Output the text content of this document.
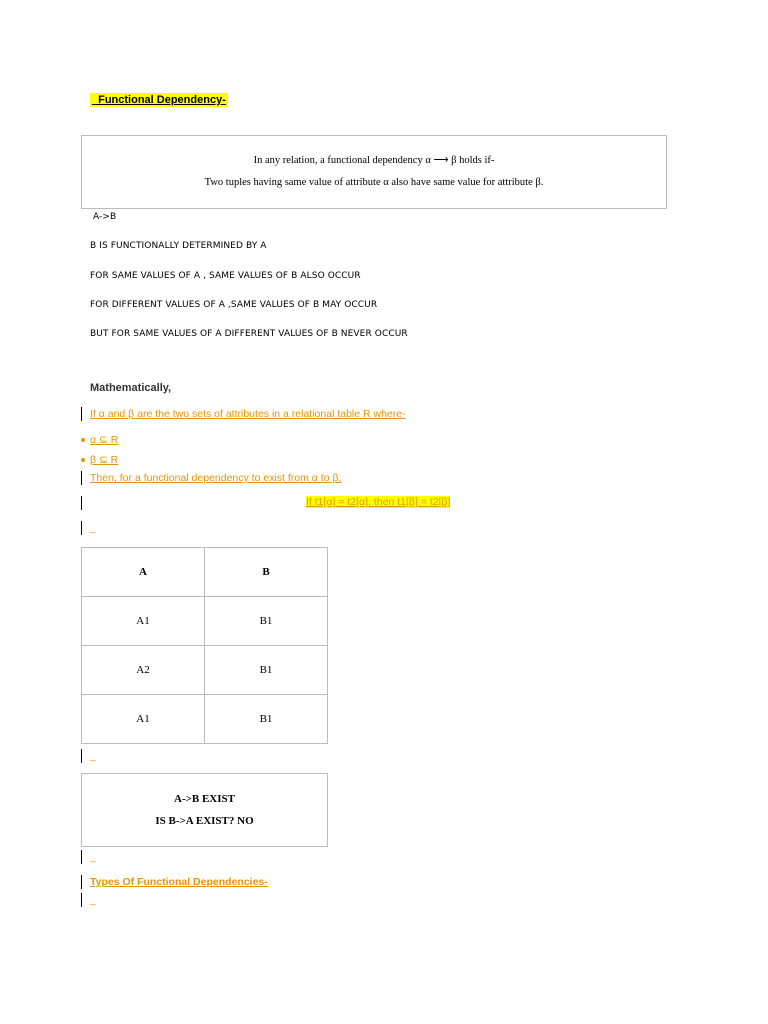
_Functional Dependency-
In any relation, a functional dependency α ⟶ β holds if-
Two tuples having same value of attribute α also have same value for attribute β.
A->B
B IS FUNCTIONALLY DETERMINED BY A
FOR SAME VALUES OF A , SAME VALUES OF B ALSO OCCUR
FOR DIFFERENT VALUES OF A ,SAME VALUES OF B MAY OCCUR
BUT FOR SAME VALUES OF A DIFFERENT VALUES OF B NEVER OCCUR
Mathematically,
If α and β are the two sets of attributes in a relational table R where-
α ⊆ R
β ⊆ R
Then, for a functional dependency to exist from α to β,
If t1[α] = t2[α], then t1[β] = t2[β]
_
A	B
A1	B1
A2	B1
A1	B1
_
A->B EXIST
IS B->A EXIST? NO
_
Types Of Functional Dependencies-
_
